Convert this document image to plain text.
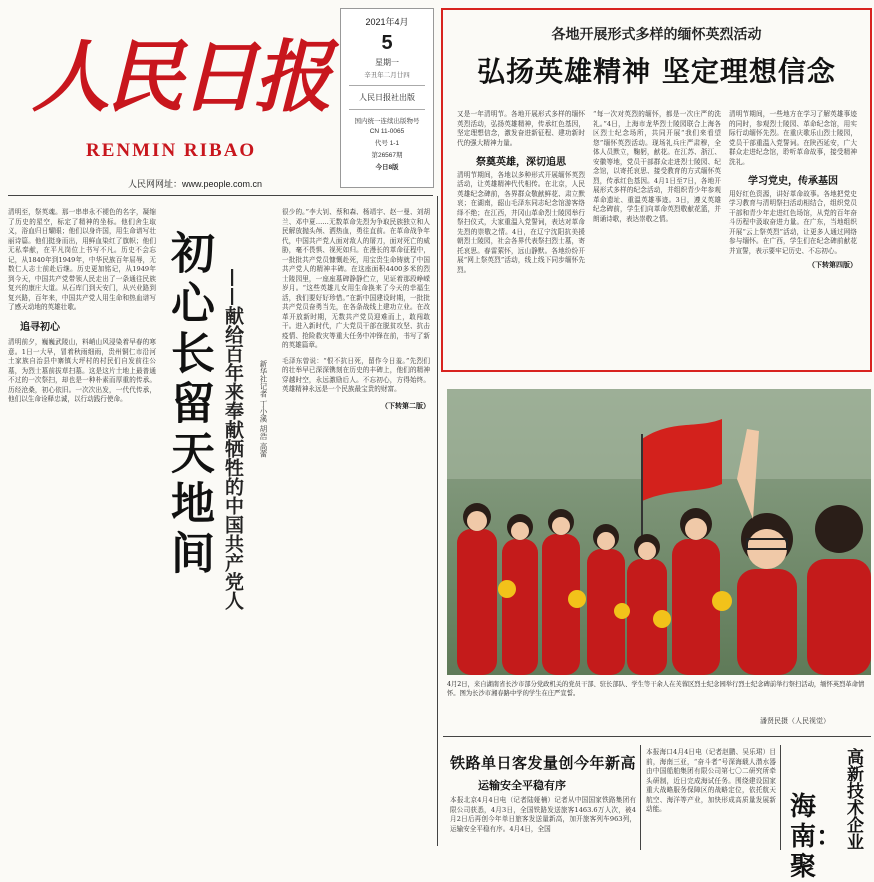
人民日报
RENMIN RIBAO
人民网网址：www.people.com.cn
2021年4月
5
星期一
辛丑年二月廿四
人民日报社出版
国内统一连续出版物号
CN 11-0065
代号 1-1
第26567期
今日8版
各地开展形式多样的缅怀英烈活动
弘扬英雄精神 坚定理想信念
又是一年清明节。各地开展形式多样的缅怀英烈活动，弘扬英雄精神，传承红色基因，坚定理想信念，激发奋进新征程、建功新时代的强大精神力量。
祭奠英雄，深切追思
清明节期间，各地以多种形式开展缅怀英烈活动，让英雄精神代代相传。在北京，人民英雄纪念碑前，各界群众敬献鲜花、肃立默哀；在湖南，韶山毛泽东同志纪念馆游客络绎不绝；在江西，井冈山革命烈士陵园举行祭扫仪式，大家重温入党誓词，表达对革命先烈的崇敬之情。4日，在辽宁沈阳抗美援朝烈士陵园，社会各界代表祭扫烈士墓，寄托哀思。春雷萦怀，远山静默。各地纷纷开展“网上祭英烈”活动，线上线下同步缅怀先烈。
“每一次对英烈的缅怀，都是一次庄严的洗礼。”4日，上海市龙华烈士陵园联合上海各区烈士纪念场所，共同开展“我们来看望您”缅怀英烈活动。现场礼兵庄严肃穆，全体人员默立，鞠躬，献花。在江苏、浙江、安徽等地，党员干部群众走进烈士陵园、纪念馆，以寄托哀思、接受教育的方式缅怀英烈，传承红色基因。4月1日至7日，各地开展形式多样的纪念活动，并组织青少年参观革命遗址、重温英雄事迹。3日，遵义英雄纪念碑前，学生们向革命英烈敬献花篮，并朗诵诗歌，表达崇敬之情。
清明节期间，一些地方在学习了解英雄事迹的同时，参观烈士陵园、革命纪念馆，用实际行动缅怀先烈。在重庆歌乐山烈士陵园，党员干部重温入党誓词。在陕西延安，广大群众走进纪念馆，聆听革命故事，接受精神洗礼。
学习党史，传承基因
用好红色资源，讲好革命故事。各地把党史学习教育与清明祭扫活动相结合，组织党员干部和青少年走进红色场馆，从党的百年奋斗历程中汲取奋进力量。在广东，当地组织开展“云上祭英烈”活动，让更多人通过网络参与缅怀。在广西，学生们在纪念碑前献花并宣誓，表示要牢记历史、不忘初心。
（下转第四版）
清明至，祭英魂。那一串串永不褪色的名字，凝缩了历史的星空，标定了精神的坐标。他们舍生取义，浴血归日耀眼；他们以身许国，用生命谱写壮丽诗篇。他们挺身而出，用鲜血染红了旗帜；他们无私奉献，在平凡岗位上书写不凡。历史不会忘记，从1840年到1949年，中华民族百年屈辱，无数仁人志士前赴后继。历史更加铭记，从1949年到今天，中国共产党带领人民走出了一条通往民族复兴的康庄大道。从石库门到天安门，从兴业路到复兴路，百年来，中国共产党人用生命和热血谱写了感天动地的英雄壮歌。
追寻初心
清明前夕，巍巍武陵山，料峭山风浸染着早春的寒意。1日一大早，冒着秋雨细雨，贵州铜仁市沿河土家族自治县中寨镇大坪村的村民们自发前往公墓，为烈士墓前拔草扫墓。这是这片土地上最普通不过的一次祭扫，却也是一种朴素而厚重的传承。历经沧桑，初心依旧。一次次出发，一代代传承，他们以生命诠释忠诚，以行动践行使命。 初心长留天地间 ——献给百年来奉献牺牲的中国共产党人 新华社记者 丁小溪 胡浩 高蕾
很少的。”李大钊、蔡和森、杨靖宇、赵一曼、刘胡兰、邓中夏……无数革命先烈为争取民族独立和人民解放抛头颅、洒热血，勇往直前。在革命战争年代，中国共产党人面对敌人的屠刀，面对死亡的威胁，毫不畏惧、视死如归。在漫长的革命征程中，一批批共产党员慷慨赴死，用宝贵生命铸就了中国共产党人的精神丰碑。在这座面积4400多米的烈士陵园里，一座座墓碑静静伫立，见证着那段峥嵘岁月。“这些英雄儿女用生命换来了今天的幸福生活，我们要好好珍惜。”在新中国建设时期，一批批共产党员奋勇当先，在各条战线上建功立业。在改革开放新时期，无数共产党员迎难而上，敢闯敢干。进入新时代，广大党员干部在脱贫攻坚、抗击疫情、抢险救灾等重大任务中冲锋在前，书写了新的英雄篇章。
毛泽东曾说：“恨不抗日死，留作今日羞。”先烈们的壮举早已深深镌刻在历史的丰碑上，他们的精神穿越时空，永远激励后人。不忘初心，方得始终。英雄精神永远是一个民族最宝贵的财富。
（下转第二版）
4月2日，来自湖南省长沙市部分党政机关的党员干部、驻长部队、学生等干余人在芙蓉区烈士纪念园举行烈士纪念碑前举行祭扫活动，缅怀英烈革命情怀。图为长沙市湘春路中学的学生在庄严宣誓。
潘贤民摄（人民视觉）
铁路单日客发量创今年新高
运输安全平稳有序
本报北京4月4日电（记者陆娅楠）记者从中国国家铁路集团有限公司获悉，4月3日，全国铁路发送旅客1463.6万人次，被4月2日后再创今年单日旅客发送量新高，加开旅客列车963列，运输安全平稳有序。4月4日，全国
本报海口4月4日电（记者赵鹏、吴乐珺）目前，海南三亚，“奋斗者”号深海载人潜水器由中国船舶集团有限公司第七〇二研究所牵头研制，近日完成海试任务。围绕建设国家重大战略服务保障区的战略定位，依托航天航空、海洋等产业，加快形成高质量发展新动能。	海南：聚
高新技术企业
